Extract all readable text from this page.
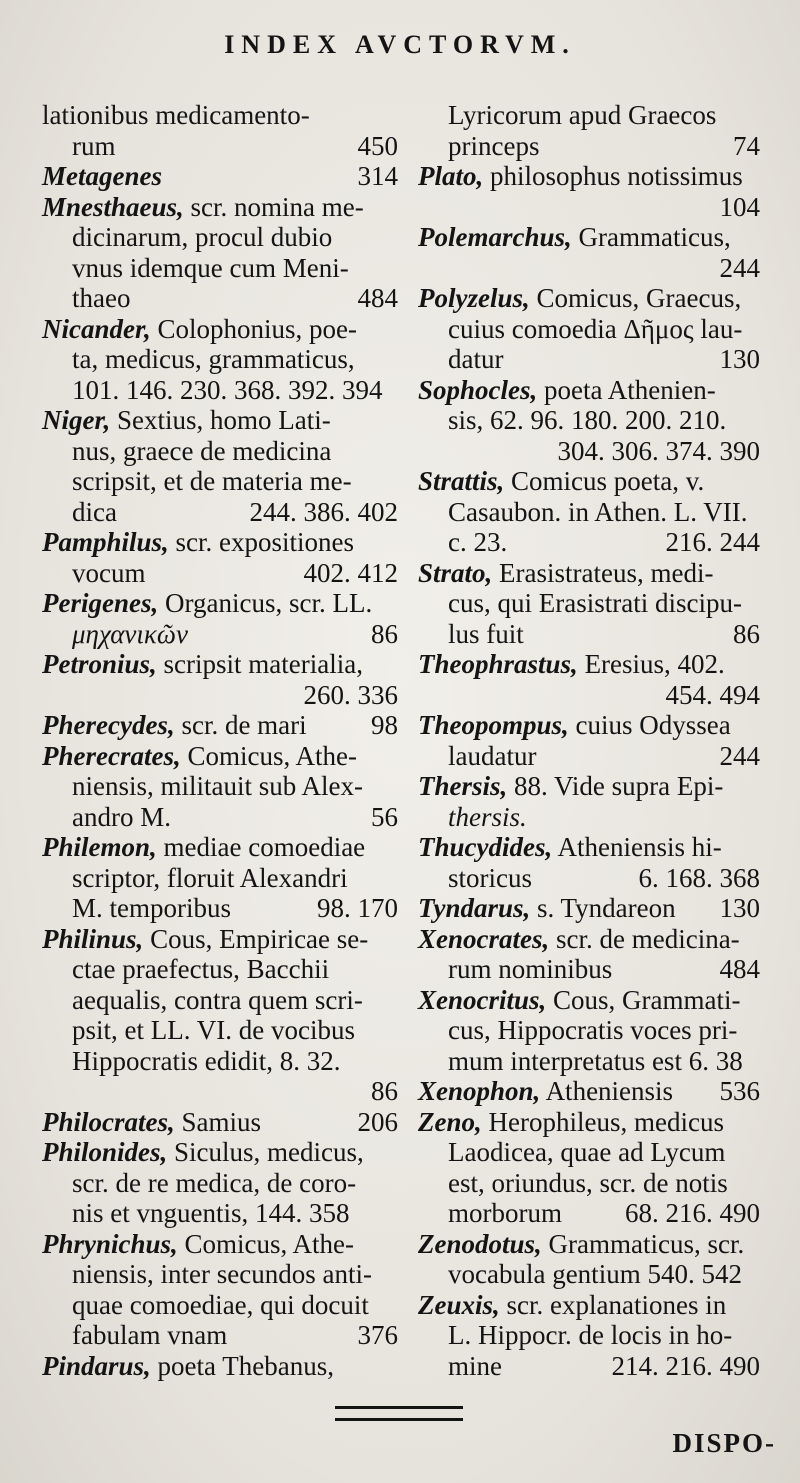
INDEX AVCTORVM.
lationibus medicamento-
rum	450
Metagenes	314
Mnesthaeus, scr. nomina me-
dicinarum, procul dubio
vnus idemque cum Meni-
thaeo	484
Nicander, Colophonius, poe-
ta, medicus, grammaticus,
101. 146. 230. 368. 392. 394
Niger, Sextius, homo Lati-
nus, graece de medicina
scripsit, et de materia me-
dica	244. 386. 402
Pamphilus, scr. expositiones
vocum	402. 412
Perigenes, Organicus, scr. LL.
μηχανικῶν	86
Petronius, scripsit materialia,
260. 336
Pherecydes, scr. de mari 98
Pherecrates, Comicus, Athe-
niensis, militauit sub Alex-
andro M.	56
Philemon, mediae comoediae
scriptor, floruit Alexandri
M. temporibus	98. 170
Philinus, Cous, Empiricae se-
ctae praefectus, Bacchii
aequalis, contra quem scri-
psit, et LL. VI. de vocibus
Hippocratis edidit, 8. 32.
86
Philocrates, Samius	206
Philonides, Siculus, medicus,
scr. de re medica, de coro-
nis et vnguentis, 144. 358
Phrynichus, Comicus, Athe-
niensis, inter secundos anti-
quae comoediae, qui docuit
fabulam vnam	376
Pindarus, poeta Thebanus,
Lyricorum apud Graecos
princeps	74
Plato, philosophus notissimus
104
Polemarchus, Grammaticus,
244
Polyzelus, Comicus, Graecus,
cuius comoedia Δῆμος lau-
datur	130
Sophocles, poeta Athenien-
sis, 62. 96. 180. 200. 210.
304. 306. 374. 390
Strattis, Comicus poeta, v.
Casaubon. in Athen. L. VII.
c. 23.	216. 244
Strato, Erasistrateus, medi-
cus, qui Erasistrati discipu-
lus fuit	86
Theophrastus, Eresius, 402.
454. 494
Theopompus, cuius Odyssea
laudatur	244
Thersis, 88. Vide supra Epi-
thersis.
Thucydides, Atheniensis hi-
storicus	6. 168. 368
Tyndarus, s. Tyndareon 130
Xenocrates, scr. de medicina-
rum nominibus	484
Xenocritus, Cous, Grammati-
cus, Hippocratis voces pri-
mum interpretatus est 6. 38
Xenophon, Atheniensis 536
Zeno, Herophileus, medicus
Laodicea, quae ad Lycum
est, oriundus, scr. de notis
morborum 68. 216. 490
Zenodotus, Grammaticus, scr.
vocabula gentium 540. 542
Zeuxis, scr. explanationes in
L. Hippocr. de locis in ho-
mine	214. 216. 490
DISPO-
